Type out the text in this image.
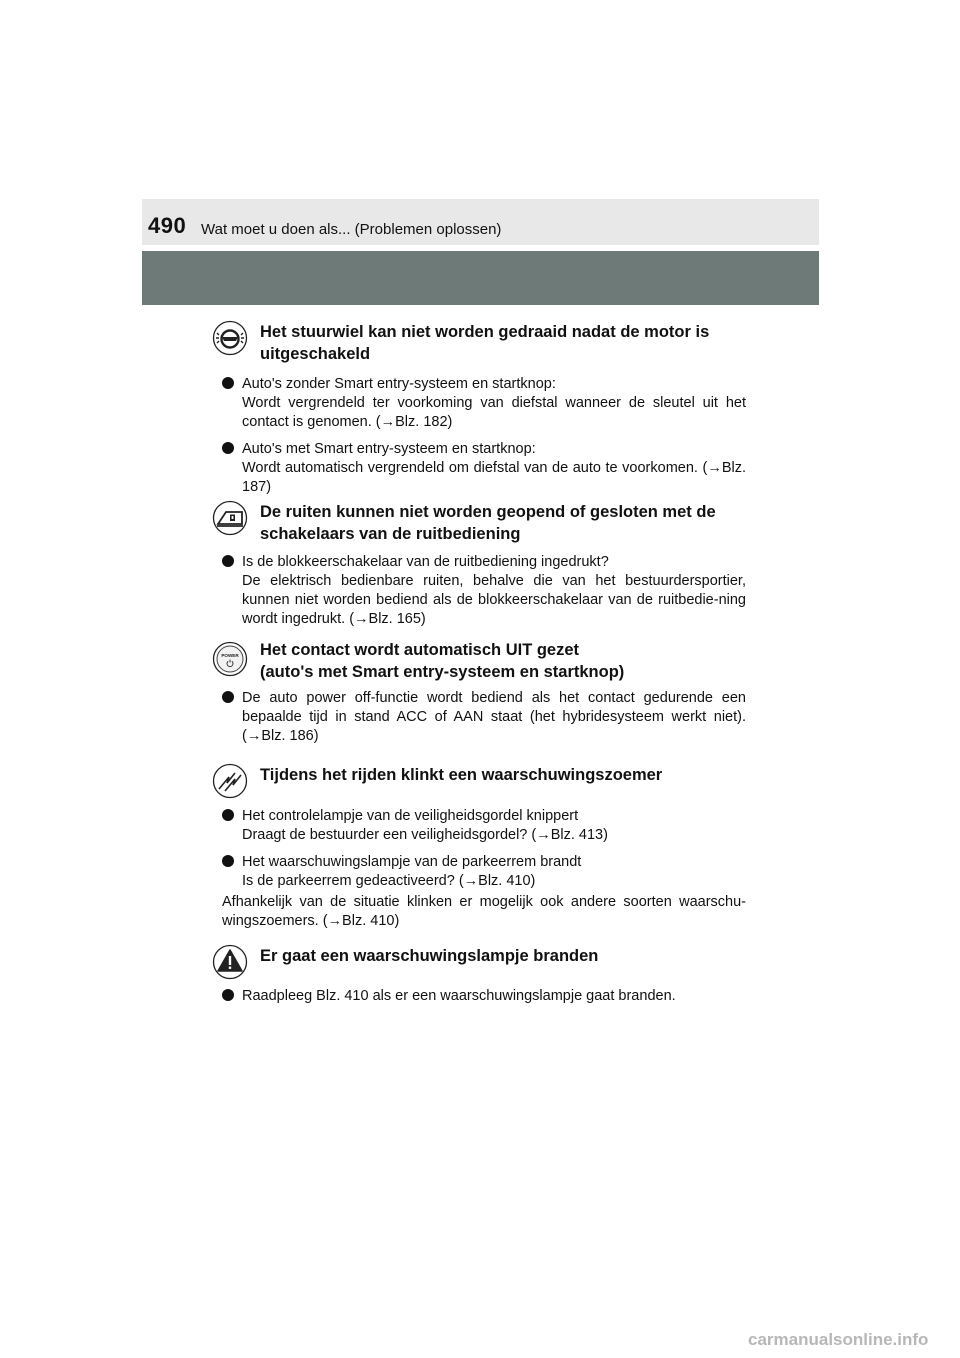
490 Wat moet u doen als... (Problemen oplossen)
Het stuurwiel kan niet worden gedraaid nadat de motor is
uitgeschakeld
Auto's zonder Smart entry-systeem en startknop:
Wordt vergrendeld ter voorkoming van diefstal wanneer de sleutel uit het contact is genomen. (→Blz. 182)
Auto's met Smart entry-systeem en startknop:
Wordt automatisch vergrendeld om diefstal van de auto te voorkomen. (→Blz. 187)
De ruiten kunnen niet worden geopend of gesloten met de
schakelaars van de ruitbediening
Is de blokkeerschakelaar van de ruitbediening ingedrukt?
De elektrisch bedienbare ruiten, behalve die van het bestuurdersportier, kunnen niet worden bediend als de blokkeerschakelaar van de ruitbedie-ning wordt ingedrukt. (→Blz. 165)
POWER Het contact wordt automatisch UIT gezet
(auto's met Smart entry-systeem en startknop)
De auto power off-functie wordt bediend als het contact gedurende een bepaalde tijd in stand ACC of AAN staat (het hybridesysteem werkt niet). (→Blz. 186)
Tijdens het rijden klinkt een waarschuwingszoemer
Het controlelampje van de veiligheidsgordel knippert
Draagt de bestuurder een veiligheidsgordel? (→Blz. 413)
Het waarschuwingslampje van de parkeerrem brandt
Is de parkeerrem gedeactiveerd? (→Blz. 410)
Afhankelijk van de situatie klinken er mogelijk ook andere soorten waarschu-wingszoemers. (→Blz. 410)
Er gaat een waarschuwingslampje branden
Raadpleeg Blz. 410 als er een waarschuwingslampje gaat branden.
carmanualsonline.info
